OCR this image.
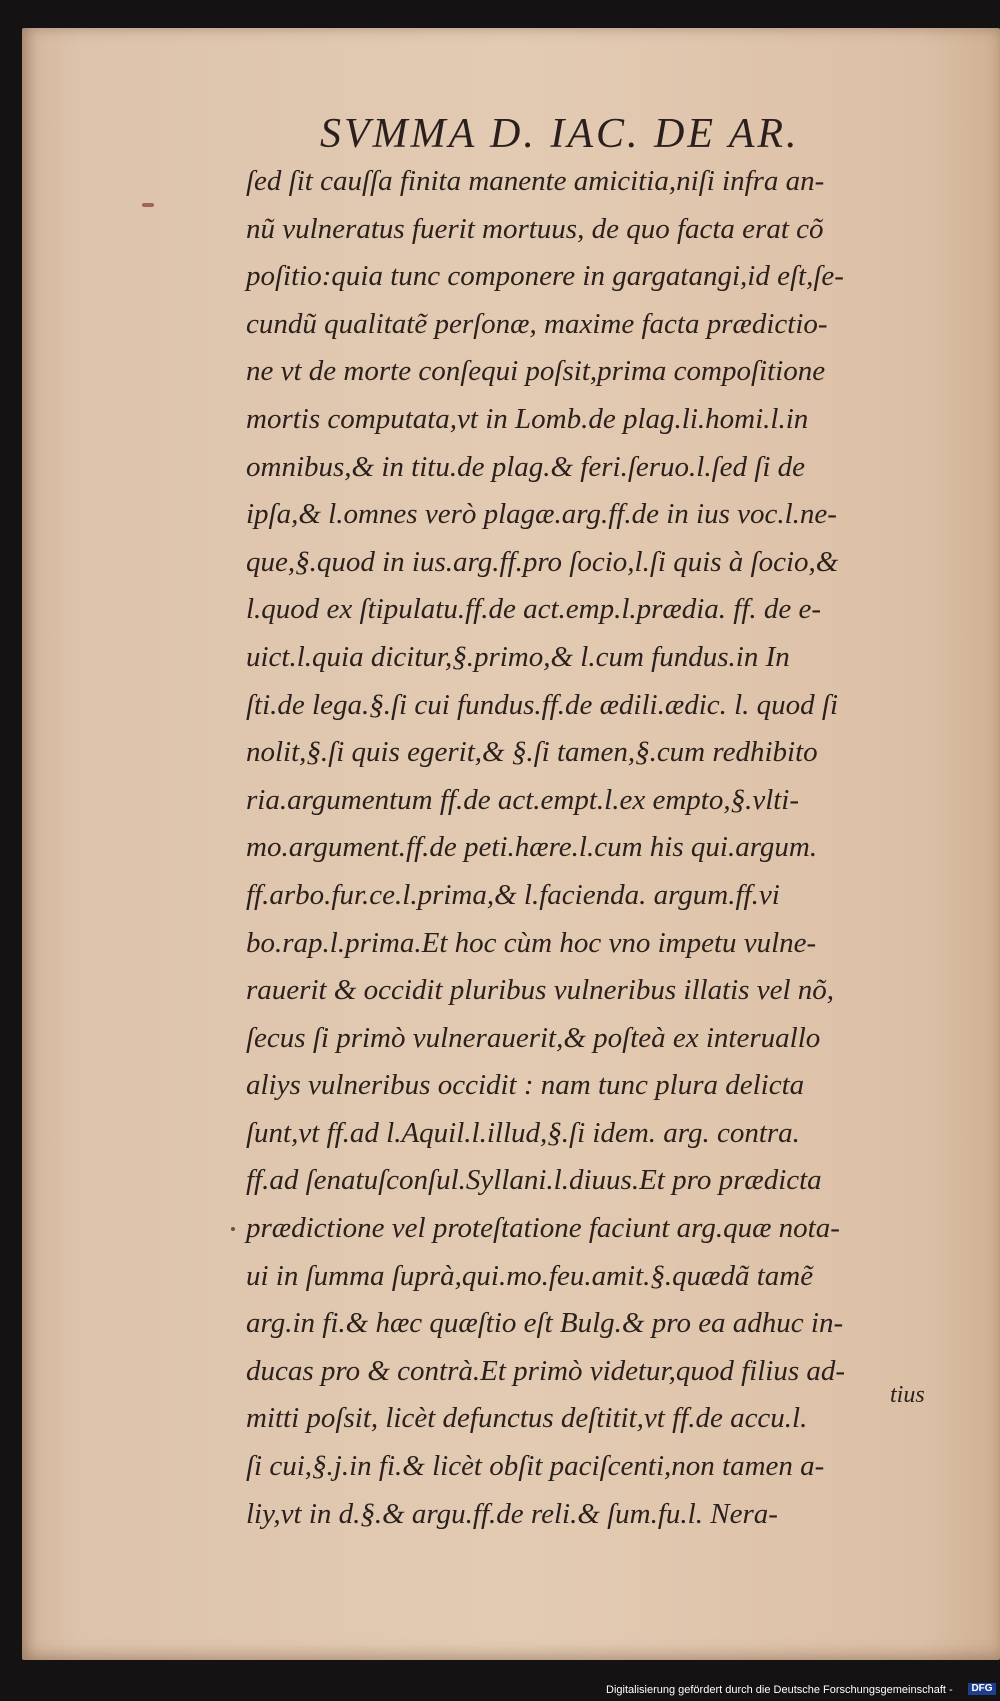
SVMMA D. IAC. DE AR.
ſed ſit cauſſa finita manente amicitia,niſi infra an-
nũ vulneratus fuerit mortuus, de quo facta erat cõ
poſitio:quia tunc componere in gargatangi,id eſt,ſe-
cundũ qualitatẽ perſonæ, maxime facta prædictio-
ne vt de morte conſequi poſsit,prima compoſitione
mortis computata,vt in Lomb.de plag.li.homi.l.in
omnibus,& in titu.de plag.& feri.ſeruo.l.ſed ſi de
ipſa,& l.omnes verò plagæ.arg.ff.de in ius voc.l.ne-
que,§.quod in ius.arg.ff.pro ſocio,l.ſi quis à ſocio,&
l.quod ex ſtipulatu.ff.de act.emp.l.prædia. ff. de e-
uict.l.quia dicitur,§.primo,& l.cum fundus.in In
ſti.de lega.§.ſi cui fundus.ff.de ædili.ædic. l. quod ſi
nolit,§.ſi quis egerit,& §.ſi tamen,§.cum redhibito
ria.argumentum ff.de act.empt.l.ex empto,§.vlti-
mo.argument.ff.de peti.hære.l.cum his qui.argum.
ff.arbo.fur.ce.l.prima,& l.facienda. argum.ff.vi
bo.rap.l.prima.Et hoc cùm hoc vno impetu vulne-
rauerit & occidit pluribus vulneribus illatis vel nõ,
ſecus ſi primò vulnerauerit,& poſteà ex interuallo
aliys vulneribus occidit : nam tunc plura delicta
ſunt,vt ff.ad l.Aquil.l.illud,§.ſi idem. arg. contra.
ff.ad ſenatuſconſul.Syllani.l.diuus.Et pro prædicta
prædictione vel proteſtatione faciunt arg.quæ nota-
ui in ſumma ſuprà,qui.mo.feu.amit.§.quædã tamẽ
arg.in fi.& hæc quæſtio eſt Bulg.& pro ea adhuc in-
ducas pro & contrà.Et primò videtur,quod filius ad-
mitti poſsit, licèt defunctus deſtitit,vt ff.de accu.l.
ſi cui,§.j.in fi.& licèt obſit paciſcenti,non tamen a-
liy,vt in d.§.& argu.ff.de reli.& ſum.fu.l. Nera-
tius
Digitalisierung gefördert durch die Deutsche Forschungsgemeinschaft -	DFG
